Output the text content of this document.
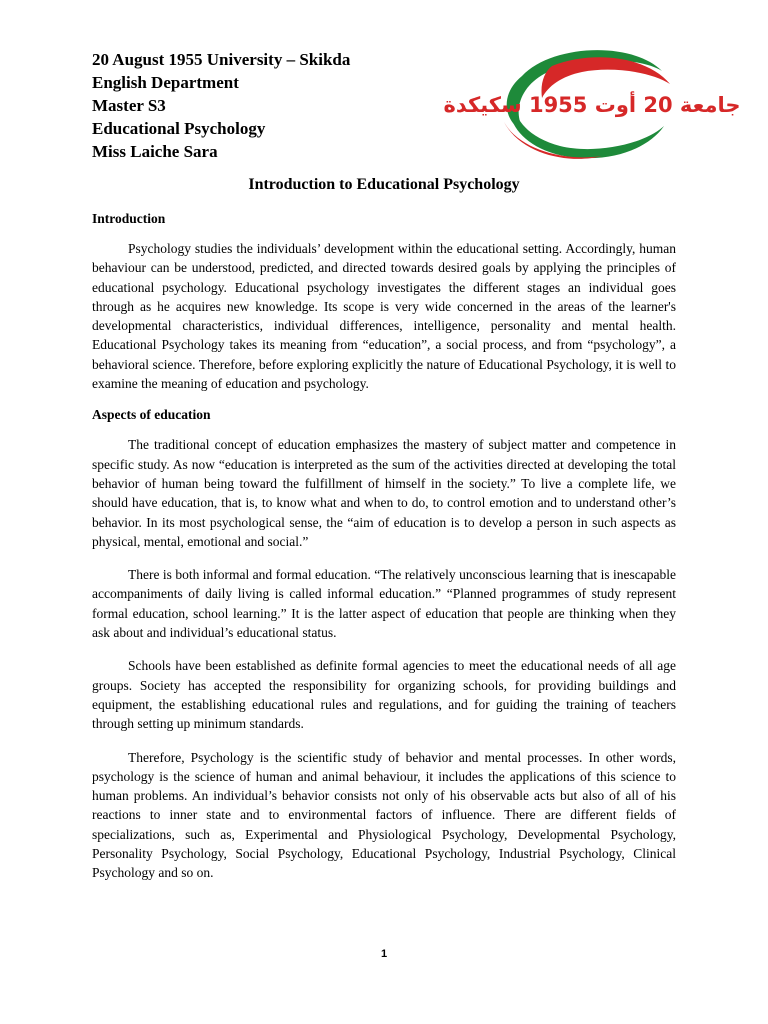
20 August 1955 University – Skikda

English Department

Master S3

Educational Psychology

Miss Laiche Sara

جامعة 20 أوت 1955 سكيكدة
Introduction to Educational Psychology

Introduction

Psychology studies the individuals’ development within the educational setting. Accordingly, human behaviour can be understood, predicted, and directed towards desired goals by applying the principles of educational psychology. Educational psychology investigates the different stages an individual goes through as he acquires new knowledge. Its scope is very wide concerned in the areas of the learner's developmental characteristics, individual differences, intelligence, personality and mental health. Educational Psychology takes its meaning from “education”, a social process, and from “psychology”, a behavioral science. Therefore, before exploring explicitly the nature of Educational Psychology, it is well to examine the meaning of education and psychology.

Aspects of education

The traditional concept of education emphasizes the mastery of subject matter and competence in specific study. As now “education is interpreted as the sum of the activities directed at developing the total behavior of human being toward the fulfillment of himself in the society.” To live a complete life, we should have education, that is, to know what and when to do, to control emotion and to understand other’s behavior. In its most psychological sense, the “aim of education is to develop a person in such aspects as physical, mental, emotional and social.”

There is both informal and formal education. “The relatively unconscious learning that is inescapable accompaniments of daily living is called informal education.” “Planned programmes of study represent formal education, school learning.” It is the latter aspect of education that people are thinking when they ask about and individual’s educational status.

Schools have been established as definite formal agencies to meet the educational needs of all age groups. Society has accepted the responsibility for organizing schools, for providing buildings and equipment, the establishing educational rules and regulations, and for guiding the training of teachers through setting up minimum standards.

Therefore, Psychology is the scientific study of behavior and mental processes. In other words, psychology is the science of human and animal behaviour, it includes the applications of this science to human problems. An individual’s behavior consists not only of his observable acts but also of all of his reactions to inner state and to environmental factors of influence. There are different fields of specializations, such as, Experimental and Physiological Psychology, Developmental Psychology, Personality Psychology, Social Psychology, Educational Psychology, Industrial Psychology, Clinical Psychology and so on.

1
